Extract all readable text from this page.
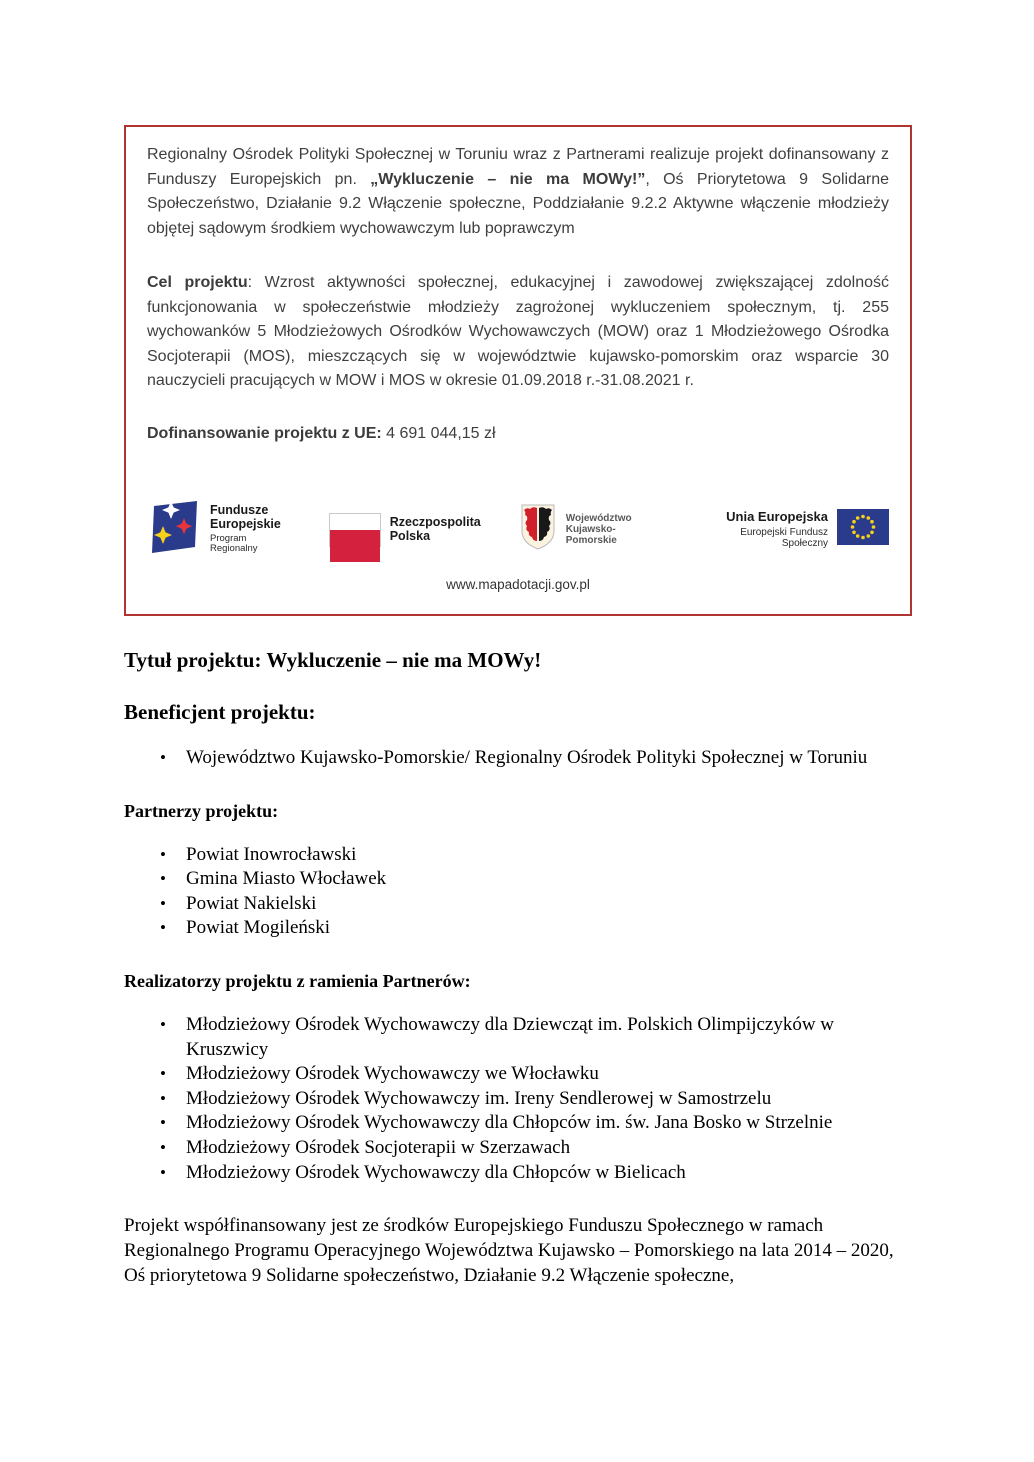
Regionalny Ośrodek Polityki Społecznej w Toruniu wraz z Partnerami realizuje projekt dofinansowany z Funduszy Europejskich pn. „Wykluczenie – nie ma MOWy!”, Oś Priorytetowa 9 Solidarne Społeczeństwo, Działanie 9.2 Włączenie społeczne, Poddziałanie 9.2.2 Aktywne włączenie młodzieży objętej sądowym środkiem wychowawczym lub poprawczym

Cel projektu: Wzrost aktywności społecznej, edukacyjnej i zawodowej zwiększającej zdolność funkcjonowania w społeczeństwie młodzieży zagrożonej wykluczeniem społecznym, tj. 255 wychowanków 5 Młodzieżowych Ośrodków Wychowawczych (MOW) oraz 1 Młodzieżowego Ośrodka Socjoterapii (MOS), mieszczących się w województwie kujawsko-pomorskim oraz wsparcie 30 nauczycieli pracujących w MOW i MOS w okresie 01.09.2018 r.-31.08.2021 r.

Dofinansowanie projektu z UE: 4 691 044,15 zł

Fundusze
Europejskie
Program Regionalny
Rzeczpospolita
Polska
Województwo
Kujawsko-Pomorskie
Unia Europejska
Europejski Fundusz Społeczny
www.mapadotacji.gov.pl
Tytuł projektu: Wykluczenie – nie ma MOWy!
Beneficjent projektu:
• Województwo Kujawsko-Pomorskie/ Regionalny Ośrodek Polityki Społecznej w Toruniu
Partnerzy projektu:
• Powiat Inowrocławski
• Gmina Miasto Włocławek
• Powiat Nakielski
• Powiat Mogileński
Realizatorzy projektu z ramienia Partnerów:
• Młodzieżowy Ośrodek Wychowawczy dla Dziewcząt im. Polskich Olimpijczyków w Kruszwicy
• Młodzieżowy Ośrodek Wychowawczy we Włocławku
• Młodzieżowy Ośrodek Wychowawczy im. Ireny Sendlerowej w Samostrzelu
• Młodzieżowy Ośrodek Wychowawczy dla Chłopców im. św. Jana Bosko w Strzelnie
• Młodzieżowy Ośrodek Socjoterapii w Szerzawach
• Młodzieżowy Ośrodek Wychowawczy dla Chłopców w Bielicach

Projekt współfinansowany jest ze środków Europejskiego Funduszu Społecznego w ramach Regionalnego Programu Operacyjnego Województwa Kujawsko – Pomorskiego na lata 2014 – 2020, Oś priorytetowa 9 Solidarne społeczeństwo, Działanie 9.2 Włączenie społeczne,
